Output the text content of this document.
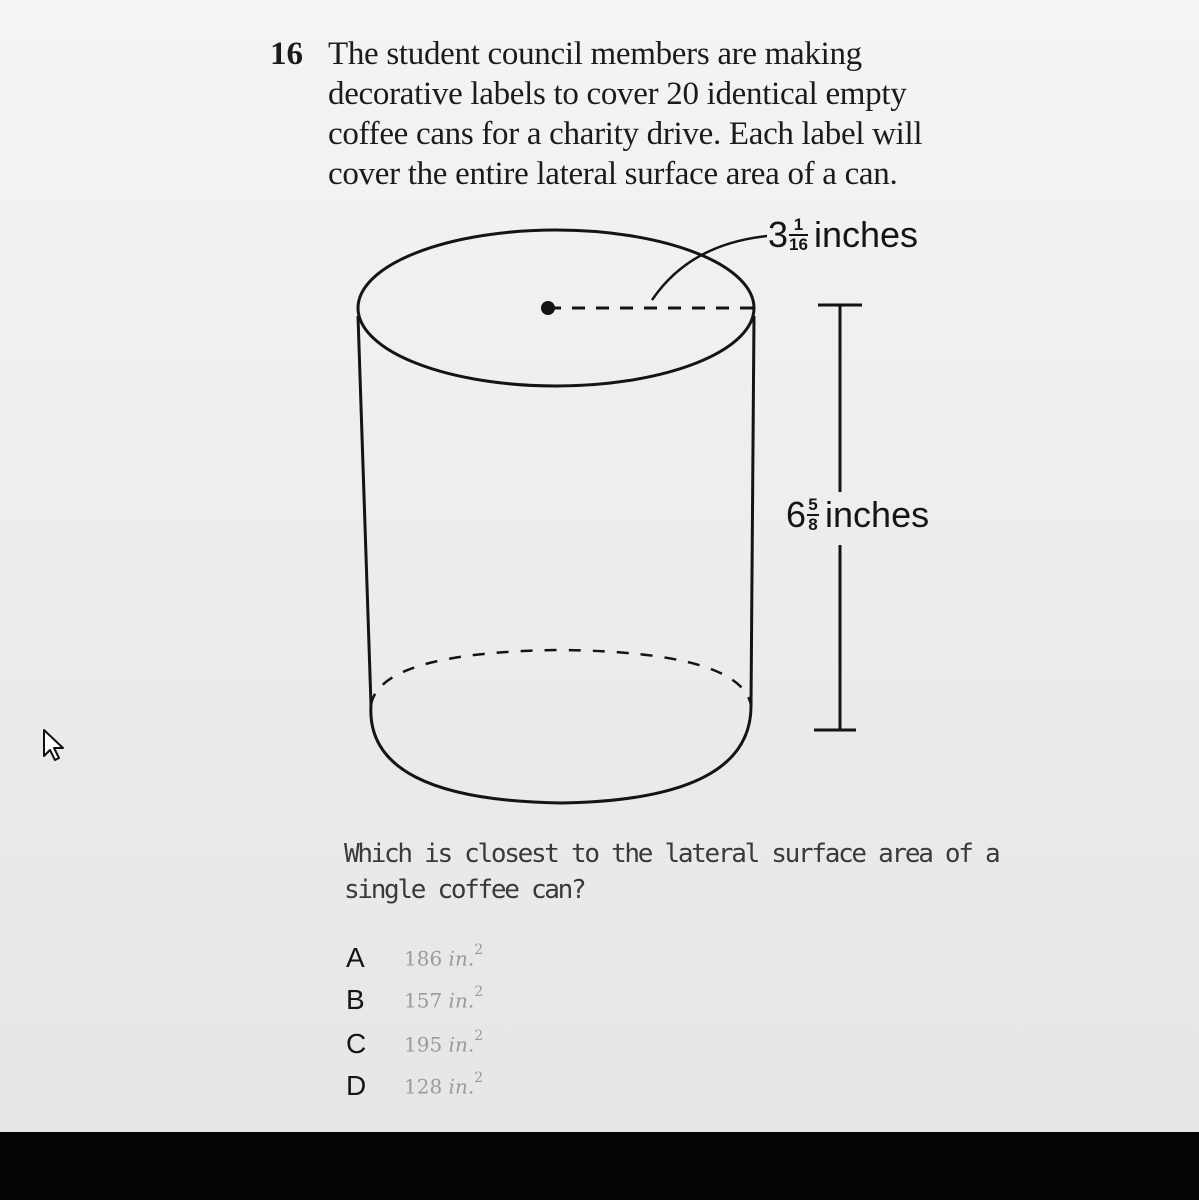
16 The student council members are making
decorative labels to cover 20 identical empty
coffee cans for a charity drive. Each label will
cover the entire lateral surface area of a can.
$3 \frac{1}{16}$ inches
$6 \frac{5}{8}$ inches
Which is closest to the lateral surface area of a
single coffee can?
A	186 in.$^2$
B	157 in.$^2$
C	195 in.$^2$
D	128 in.$^2$
